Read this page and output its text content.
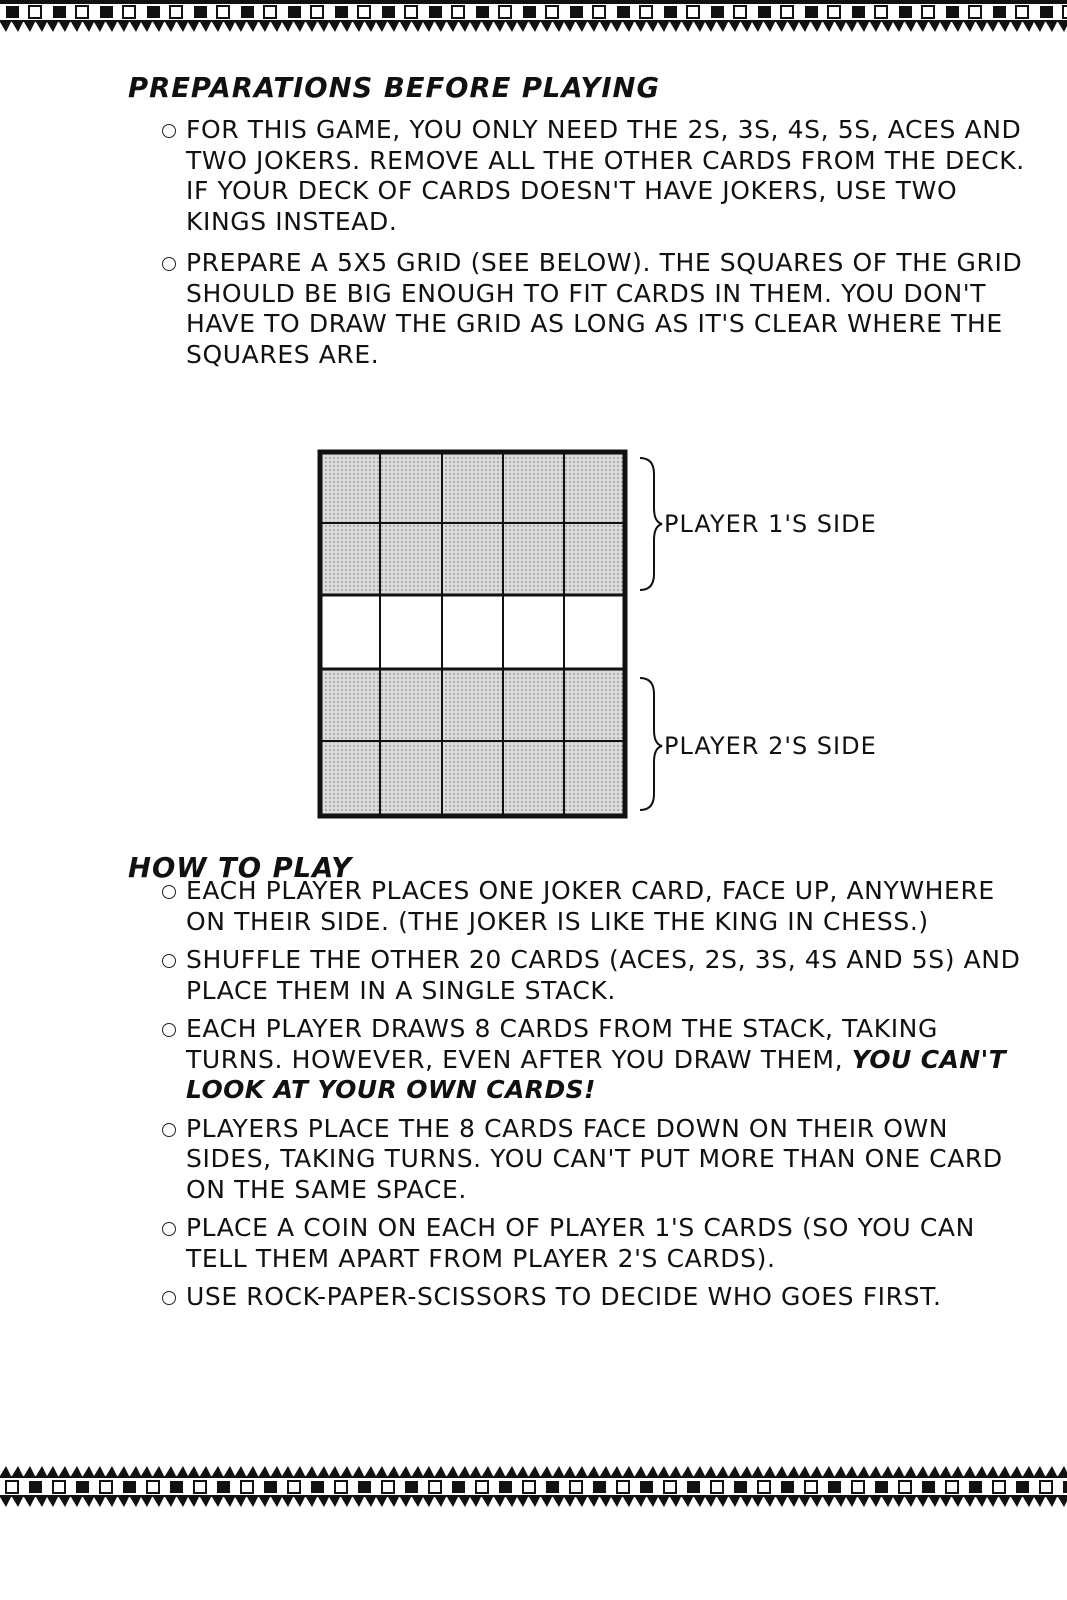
PREPARATIONS BEFORE PLAYING
FOR THIS GAME, YOU ONLY NEED THE 2S, 3S, 4S, 5S, ACES AND TWO JOKERS. REMOVE ALL THE OTHER CARDS FROM THE DECK. IF YOUR DECK OF CARDS DOESN'T HAVE JOKERS, USE TWO KINGS INSTEAD.
PREPARE A 5X5 GRID (SEE BELOW). THE SQUARES OF THE GRID SHOULD BE BIG ENOUGH TO FIT CARDS IN THEM. YOU DON'T HAVE TO DRAW THE GRID AS LONG AS IT'S CLEAR WHERE THE SQUARES ARE.
PLAYER 1'S SIDE
PLAYER 2'S SIDE
HOW TO PLAY
EACH PLAYER PLACES ONE JOKER CARD, FACE UP, ANYWHERE ON THEIR SIDE. (THE JOKER IS LIKE THE KING IN CHESS.)
SHUFFLE THE OTHER 20 CARDS (ACES, 2S, 3S, 4S AND 5S) AND PLACE THEM IN A SINGLE STACK.
EACH PLAYER DRAWS 8 CARDS FROM THE STACK, TAKING TURNS. HOWEVER, EVEN AFTER YOU DRAW THEM, YOU CAN'T LOOK AT YOUR OWN CARDS!
PLAYERS PLACE THE 8 CARDS FACE DOWN ON THEIR OWN SIDES, TAKING TURNS. YOU CAN'T PUT MORE THAN ONE CARD ON THE SAME SPACE.
PLACE A COIN ON EACH OF PLAYER 1'S CARDS (SO YOU CAN TELL THEM APART FROM PLAYER 2'S CARDS).
USE ROCK-PAPER-SCISSORS TO DECIDE WHO GOES FIRST.
